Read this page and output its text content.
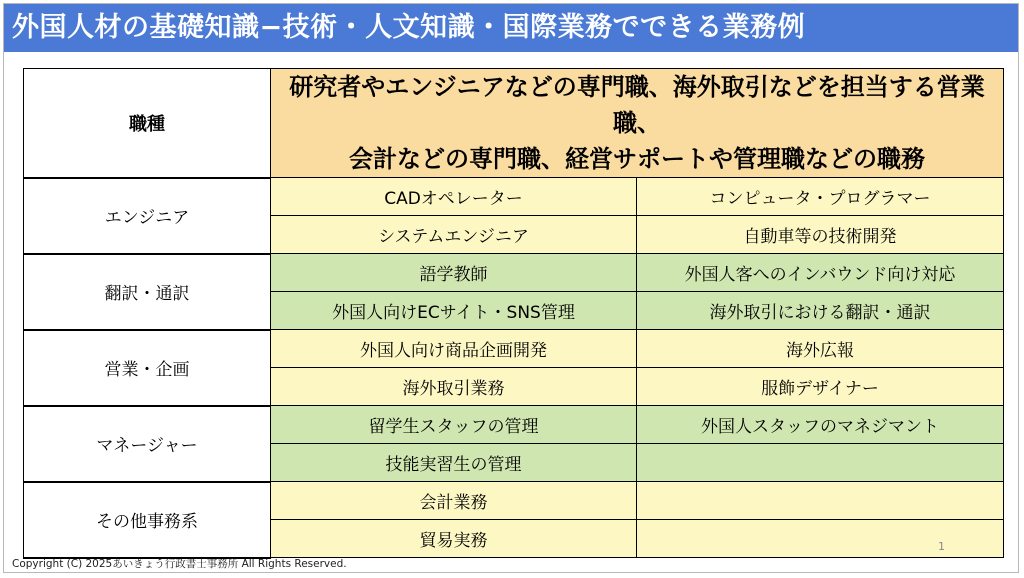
外国人材の基礎知識−技術・人文知識・国際業務でできる業務例
職種	研究者やエンジニアなどの専門職、海外取引などを担当する営業職、
会計などの専門職、経営サポートや管理職などの職務	

エンジニア	CADオペレーター	コンピュータ・プログラマー
	システムエンジニア	自動車等の技術開発
翻訳・通訳	語学教師	外国人客へのインバウンド向け対応
	外国人向けECサイト・SNS管理	海外取引における翻訳・通訳
営業・企画	外国人向け商品企画開発	海外広報
	海外取引業務	服飾デザイナー
マネージャー	留学生スタッフの管理	外国人スタッフのマネジマント
	技能実習生の管理	
その他事務系	会計業務	
	貿易実務		1
Copyright (C) 2025あいきょう行政書士事務所 All Rights Reserved.
